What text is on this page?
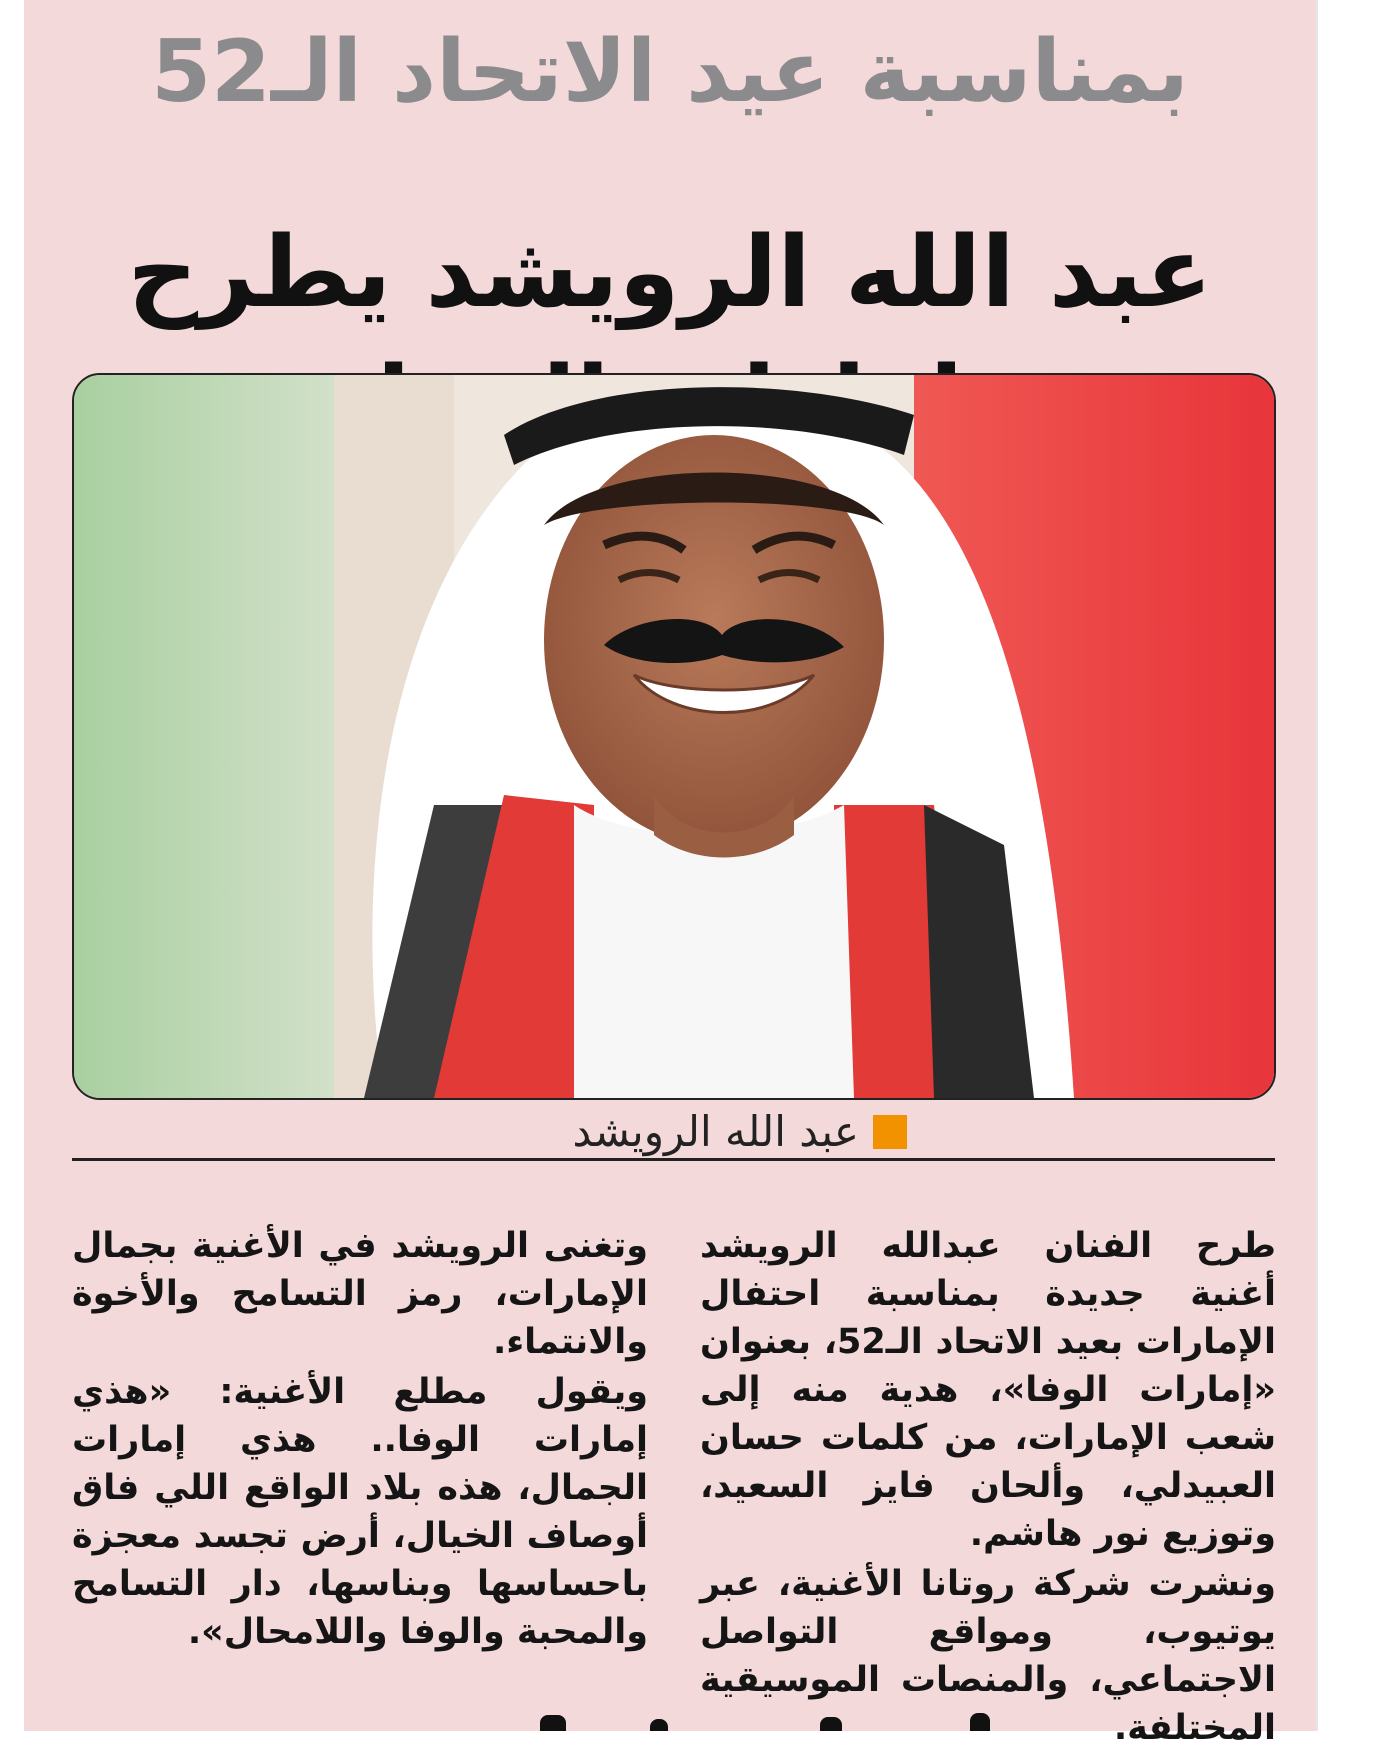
بمناسبة عيد الاتحاد الـ52
عبد الله الرويشد يطرح
عبد الله الرويشد

طرح الفنان عبدالله الرويشد أغنية جديدة بمناسبة احتفال الإمارات بعيد الاتحاد الـ52، بعنوان «إمارات الوفا»، هدية منه إلى شعب الإمارات، من كلمات حسان العبيدلي، وألحان فايز السعيد، وتوزيع نور هاشم.

ونشرت شركة روتانا الأغنية، عبر يوتيوب، ومواقع التواصل الاجتماعي، والمنصات الموسيقية المختلفة.

وتغنى الرويشد في الأغنية بجمال الإمارات، رمز التسامح والأخوة والانتماء.

ويقول مطلع الأغنية: «هذي إمارات الوفا.. هذي إمارات الجمال، هذه بلاد الواقع اللي فاق أوصاف الخيال، أرض تجسد معجزة باحساسها وبناسها، دار التسامح والمحبة والوفا واللامحال».
